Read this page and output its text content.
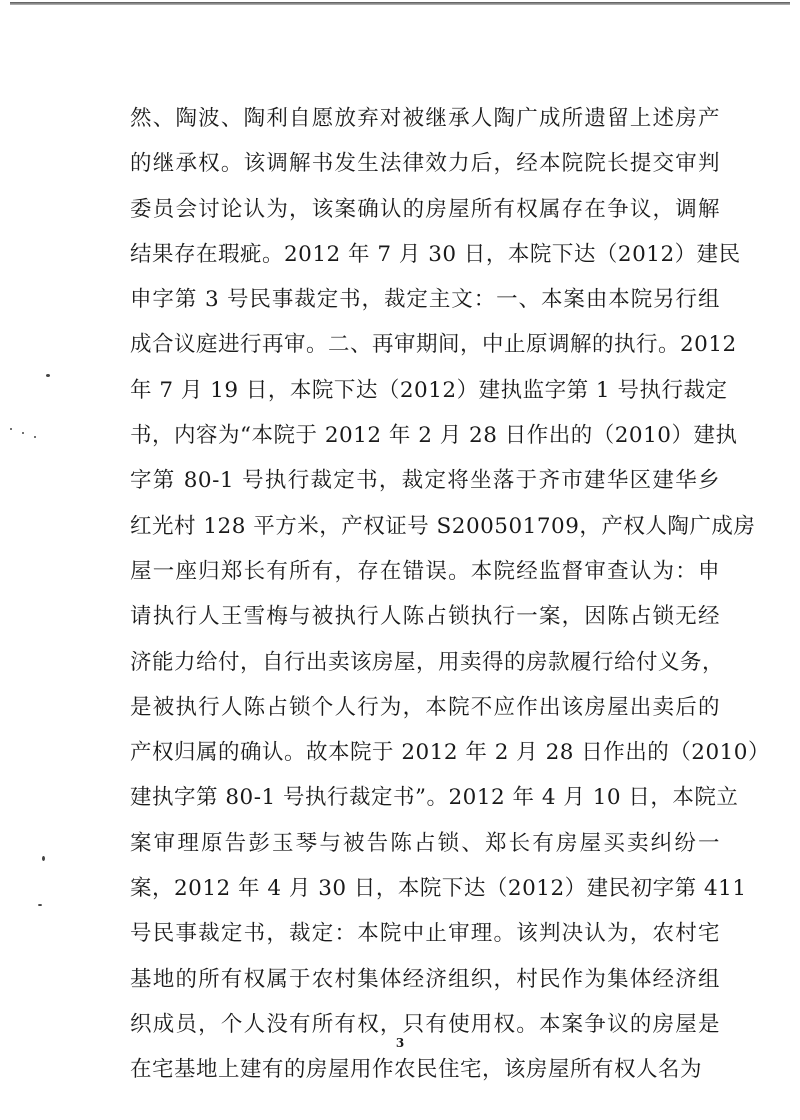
然、陶波、陶利自愿放弃对被继承人陶广成所遗留上述房产
的继承权。该调解书发生法律效力后，经本院院长提交审判
委员会讨论认为，该案确认的房屋所有权属存在争议，调解
结果存在瑕疵。2012 年 7 月 30 日，本院下达（2012）建民
申字第 3 号民事裁定书，裁定主文：一、本案由本院另行组
成合议庭进行再审。二、再审期间，中止原调解的执行。2012
年 7 月 19 日，本院下达（2012）建执监字第 1 号执行裁定
书，内容为“本院于 2012 年 2 月 28 日作出的（2010）建执
字第 80-1 号执行裁定书，裁定将坐落于齐市建华区建华乡
红光村 128 平方米，产权证号 S200501709，产权人陶广成房
屋一座归郑长有所有，存在错误。本院经监督审查认为：申
请执行人王雪梅与被执行人陈占锁执行一案，因陈占锁无经
济能力给付，自行出卖该房屋，用卖得的房款履行给付义务，
是被执行人陈占锁个人行为，本院不应作出该房屋出卖后的
产权归属的确认。故本院于 2012 年 2 月 28 日作出的（2010）
建执字第 80-1 号执行裁定书”。2012 年 4 月 10 日，本院立
案审理原告彭玉琴与被告陈占锁、郑长有房屋买卖纠纷一
案，2012 年 4 月 30 日，本院下达（2012）建民初字第 411
号民事裁定书，裁定：本院中止审理。该判决认为，农村宅
基地的所有权属于农村集体经济组织，村民作为集体经济组
织成员，个人没有所有权，只有使用权。本案争议的房屋是
在宅基地上建有的房屋用作农民住宅，该房屋所有权人名为
3
